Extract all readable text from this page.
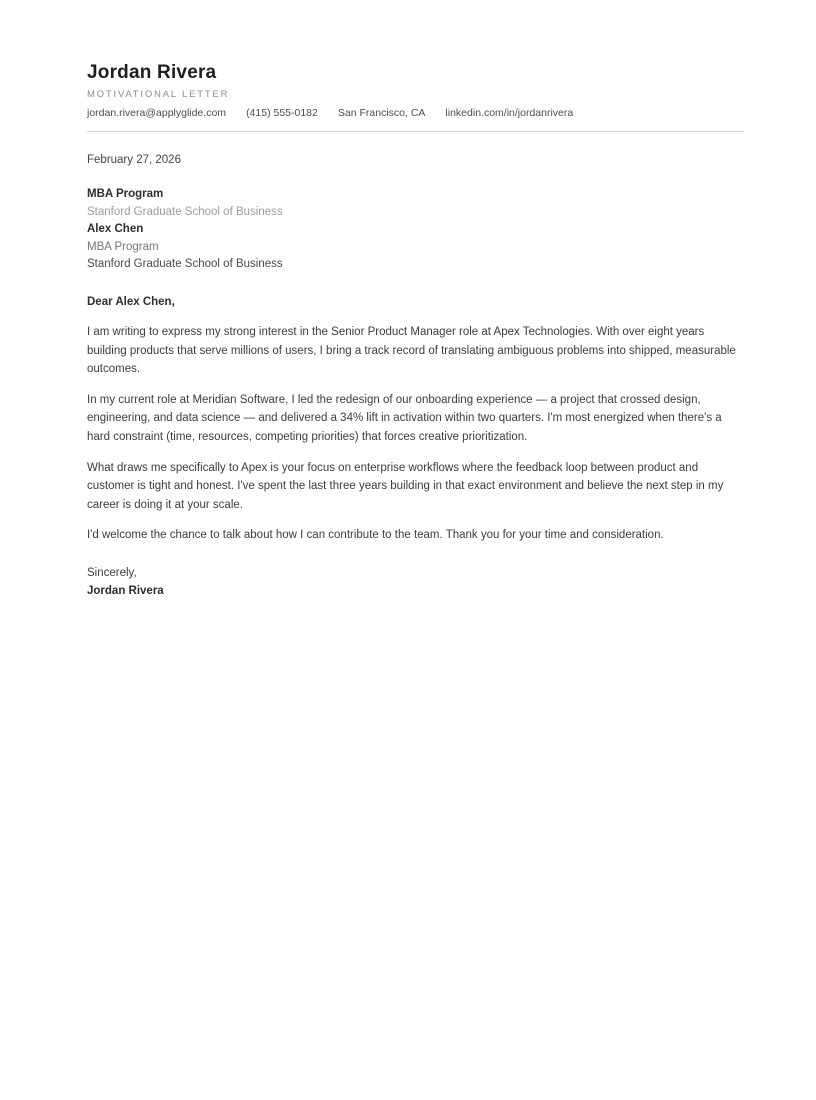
Jordan Rivera
MOTIVATIONAL LETTER
jordan.rivera@applyglide.com (415) 555-0182 San Francisco, CA linkedin.com/in/jordanrivera
February 27, 2026
MBA Program
Stanford Graduate School of Business
Alex Chen
MBA Program
Stanford Graduate School of Business
Dear Alex Chen,

I am writing to express my strong interest in the Senior Product Manager role at Apex Technologies. With over eight years building products that serve millions of users, I bring a track record of translating ambiguous problems into shipped, measurable outcomes.

In my current role at Meridian Software, I led the redesign of our onboarding experience — a project that crossed design, engineering, and data science — and delivered a 34% lift in activation within two quarters. I'm most energized when there's a hard constraint (time, resources, competing priorities) that forces creative prioritization.

What draws me specifically to Apex is your focus on enterprise workflows where the feedback loop between product and customer is tight and honest. I've spent the last three years building in that exact environment and believe the next step in my career is doing it at your scale.

I'd welcome the chance to talk about how I can contribute to the team. Thank you for your time and consideration.

Sincerely,
Jordan Rivera
